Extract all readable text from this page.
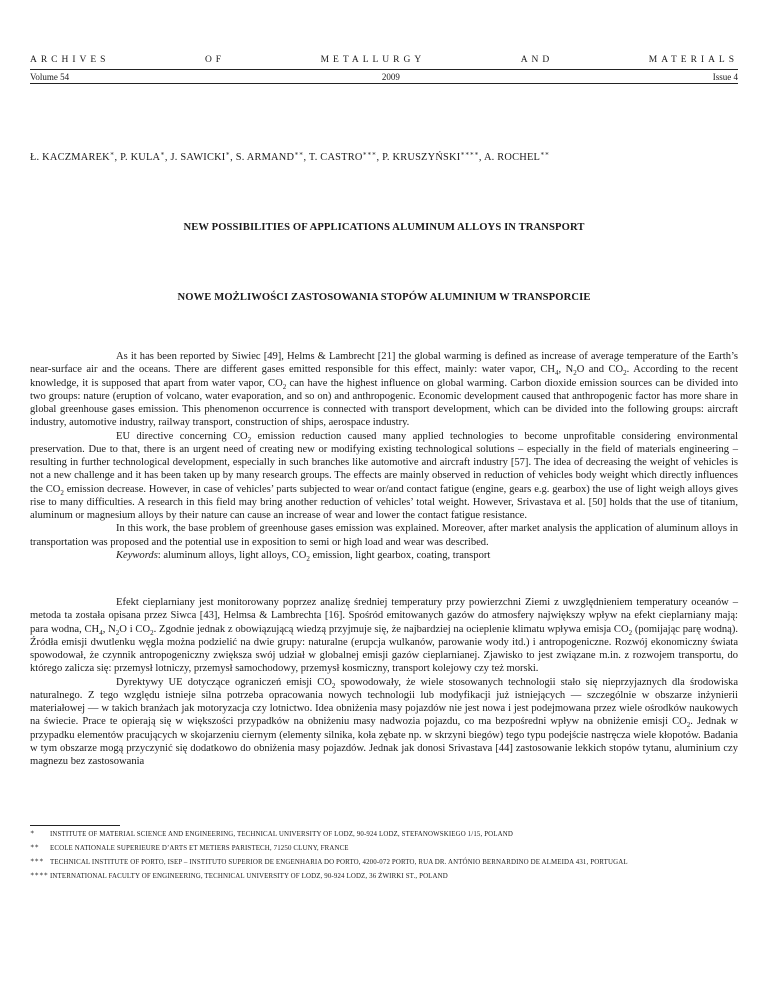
ARCHIVES	OF	METALLURGY	AND	MATERIALS
Volume 54	2009	Issue 4
Ł. KACZMAREK∗, P. KULA∗, J. SAWICKI∗, S. ARMAND∗∗, T. CASTRO∗∗∗, P. KRUSZYŃSKI∗∗∗∗, A. ROCHEL∗∗
NEW POSSIBILITIES OF APPLICATIONS ALUMINUM ALLOYS IN TRANSPORT
NOWE MOŻLIWOŚCI ZASTOSOWANIA STOPÓW ALUMINIUM W TRANSPORCIE

As it has been reported by Siwiec [49], Helms & Lambrecht [21] the global warming is defined as increase of average temperature of the Earth’s near-surface air and the oceans. There are different gases emitted responsible for this effect, mainly: water vapor, $CH_4$, $N_2O$ and $CO_2$. According to the recent knowledge, it is supposed that apart from water vapor, $CO_2$ can have the highest influence on global warming. Carbon dioxide emission sources can be divided into two groups: nature (eruption of volcano, water evaporation, and so on) and anthropogenic. Economic development caused that anthropogenic factor has more share in global greenhouse gases emission. This phenomenon occurrence is connected with transport development, which can be divided into the following groups: aircraft industry, automotive industry, railway transport, construction of ships, aerospace industry.

EU directive concerning $CO_2$ emission reduction caused many applied technologies to become unprofitable considering environmental preservation. Due to that, there is an urgent need of creating new or modifying existing technological solutions – especially in the field of materials engineering – resulting in further technological development, especially in such branches like automotive and aircraft industry [57]. The idea of decreasing the weight of vehicles is not a new challenge and it has been taken up by many research groups. The effects are mainly observed in reduction of vehicles body weight which directly influences the $CO_2$ emission decrease. However, in case of vehicles’ parts subjected to wear or/and contact fatigue (engine, gears e.g. gearbox) the use of light weigh alloys gives rise to many difficulties. A research in this field may bring another reduction of vehicles’ total weight. However, Srivastava et al. [50] holds that the use of titanium, aluminum or magnesium alloys by their nature can cause an increase of wear and lower the contact fatigue resistance.

In this work, the base problem of greenhouse gases emission was explained. Moreover, after market analysis the application of aluminum alloys in transportation was proposed and the potential use in exposition to semi or high load and wear was described.

Keywords: aluminum alloys, light alloys, $CO_2$ emission, light gearbox, coating, transport

Efekt cieplarniany jest monitorowany poprzez analizę średniej temperatury przy powierzchni Ziemi z uwzględnieniem temperatury oceanów – metoda ta została opisana przez Siwca [43], Helmsa & Lambrechta [16]. Spośród emitowanych gazów do atmosfery największy wpływ na efekt cieplarniany mają: para wodna, $CH_4$, $N_2O$ i $CO_2$. Zgodnie jednak z obowiązującą wiedzą przyjmuje się, że najbardziej na ocieplenie klimatu wpływa emisja $CO_2$ (pomijając parę wodną). Źródła emisji dwutlenku węgla można podzielić na dwie grupy: naturalne (erupcja wulkanów, parowanie wody itd.) i antropogeniczne. Rozwój ekonomiczny świata spowodował, że czynnik antropogeniczny zwiększa swój udział w globalnej emisji gazów cieplarnianej. Zjawisko to jest związane m.in. z rozwojem transportu, do którego zalicza się: przemysł lotniczy, przemysł samochodowy, przemysł kosmiczny, transport kolejowy czy też morski.

Dyrektywy UE dotyczące ograniczeń emisji $CO_2$ spowodowały, że wiele stosowanych technologii stało się nieprzyjaznych dla środowiska naturalnego. Z tego względu istnieje silna potrzeba opracowania nowych technologii lub modyfikacji już istniejących — szczególnie w obszarze inżynierii materiałowej — w takich branżach jak motoryzacja czy lotnictwo. Idea obniżenia masy pojazdów nie jest nowa i jest podejmowana przez wiele ośrodków naukowych na świecie. Prace te opierają się w większości przypadków na obniżeniu masy nadwozia pojazdu, co ma bezpośredni wpływ na obniżenie emisji $CO_2$. Jednak w przypadku elementów pracujących w skojarzeniu ciernym (elementy silnika, koła zębate np. w skrzyni biegów) tego typu podejście nastręcza wiele kłopotów. Badania w tym obszarze mogą przyczynić się dodatkowo do obniżenia masy pojazdów. Jednak jak donosi Srivastava [44] zastosowanie lekkich stopów tytanu, aluminium czy magnezu bez zastosowania

∗ INSTITUTE OF MATERIAL SCIENCE AND ENGINEERING, TECHNICAL UNIVERSITY OF LODZ, 90-924 LODZ, STEFANOWSKIEGO 1/15, POLAND
∗∗ ECOLE NATIONALE SUPERIEURE D’ARTS ET METIERS PARISTECH, 71250 CLUNY, FRANCE
∗∗∗ TECHNICAL INSTITUTE OF PORTO, ISEP – INSTITUTO SUPERIOR DE ENGENHARIA DO PORTO, 4200-072 PORTO, RUA DR. ANTÓNIO BERNARDINO DE ALMEIDA 431, PORTUGAL
∗∗∗∗ INTERNATIONAL FACULTY OF ENGINEERING, TECHNICAL UNIVERSITY OF LODZ, 90-924 LODZ, 36 ŻWIRKI ST., POLAND
